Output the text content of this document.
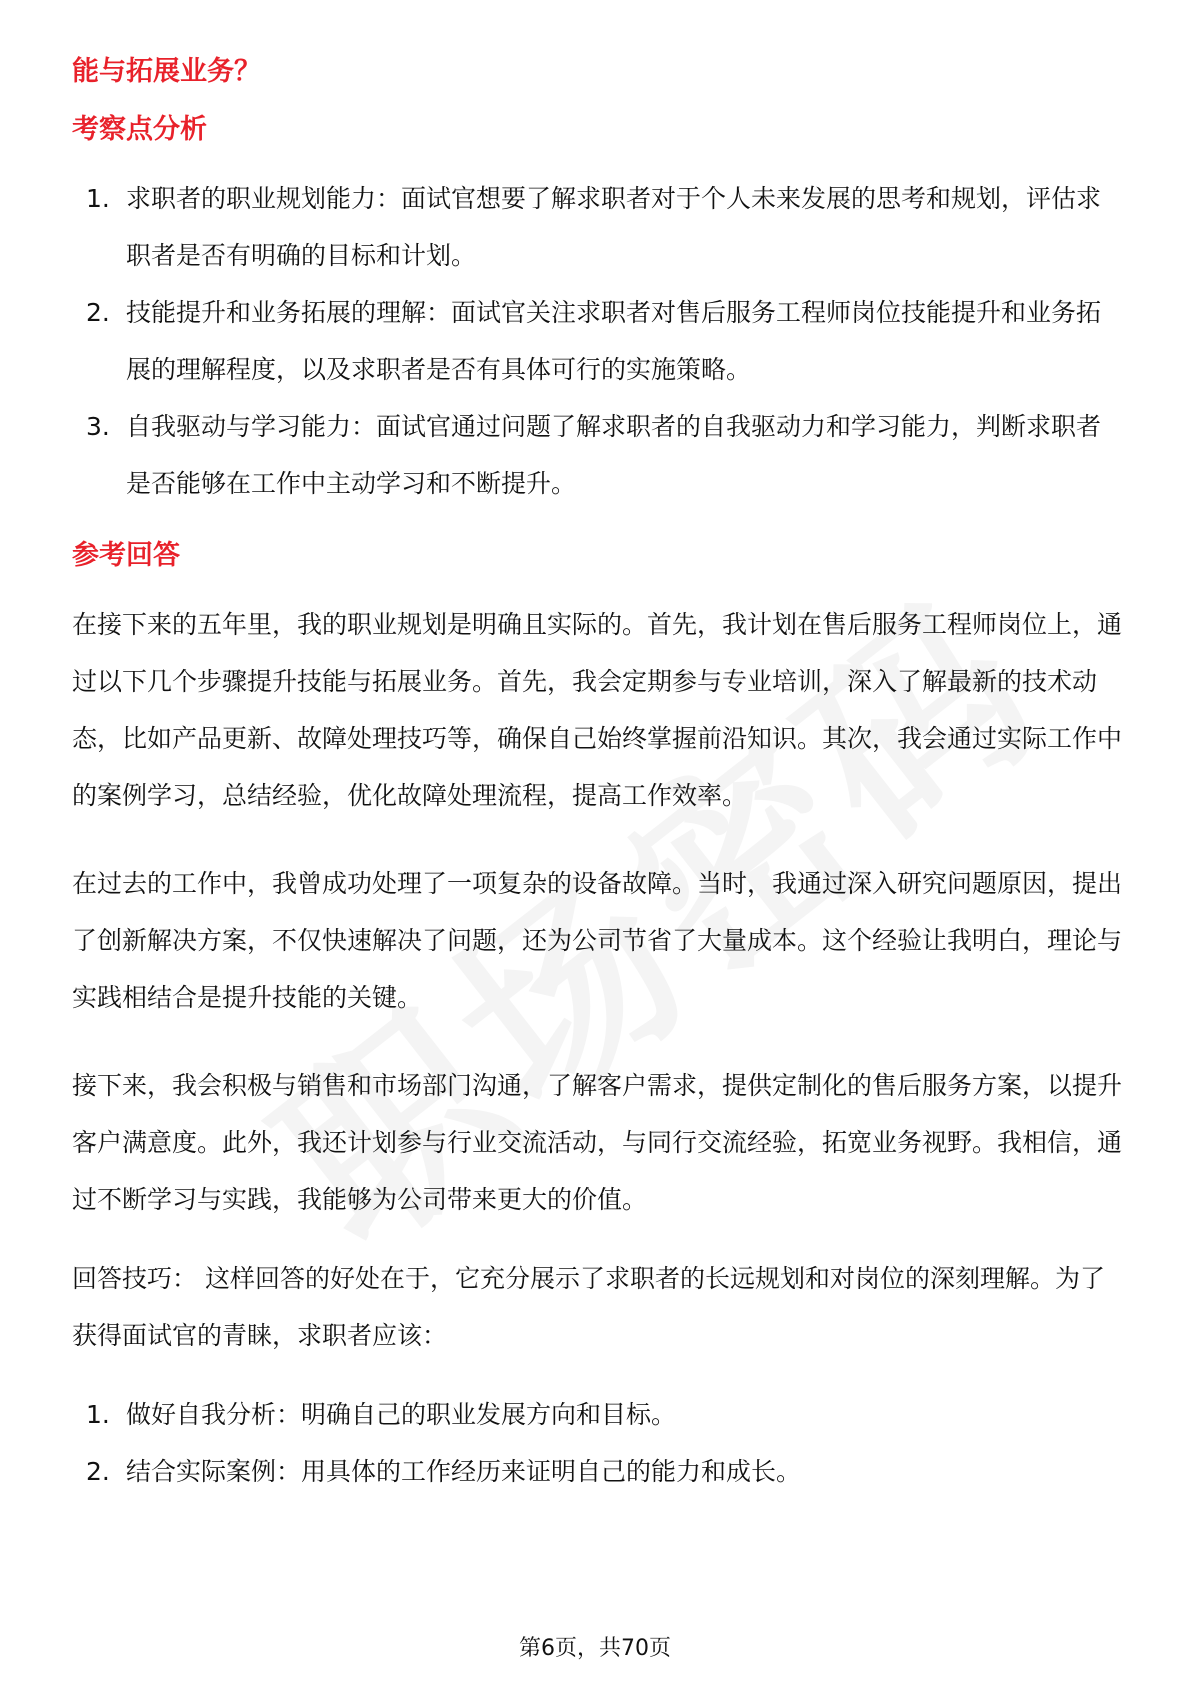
能与拓展业务？

考察点分析

1. 求职者的职业规划能力：面试官想要了解求职者对于个人未来发展的思考和规划，评估求职者是否有明确的目标和计划。
2. 技能提升和业务拓展的理解：面试官关注求职者对售后服务工程师岗位技能提升和业务拓展的理解程度，以及求职者是否有具体可行的实施策略。
3. 自我驱动与学习能力：面试官通过问题了解求职者的自我驱动力和学习能力，判断求职者是否能够在工作中主动学习和不断提升。

参考回答

在接下来的五年里，我的职业规划是明确且实际的。首先，我计划在售后服务工程师岗位上，通过以下几个步骤提升技能与拓展业务。首先，我会定期参与专业培训，深入了解最新的技术动态，比如产品更新、故障处理技巧等，确保自己始终掌握前沿知识。其次，我会通过实际工作中的案例学习，总结经验，优化故障处理流程，提高工作效率。

在过去的工作中，我曾成功处理了一项复杂的设备故障。当时，我通过深入研究问题原因，提出了创新解决方案，不仅快速解决了问题，还为公司节省了大量成本。这个经验让我明白，理论与实践相结合是提升技能的关键。

接下来，我会积极与销售和市场部门沟通，了解客户需求，提供定制化的售后服务方案，以提升客户满意度。此外，我还计划参与行业交流活动，与同行交流经验，拓宽业务视野。我相信，通过不断学习与实践，我能够为公司带来更大的价值。

回答技巧： 这样回答的好处在于，它充分展示了求职者的长远规划和对岗位的深刻理解。为了获得面试官的青睐，求职者应该：

1. 做好自我分析：明确自己的职业发展方向和目标。
2. 结合实际案例：用具体的工作经历来证明自己的能力和成长。
第6页，共70页
